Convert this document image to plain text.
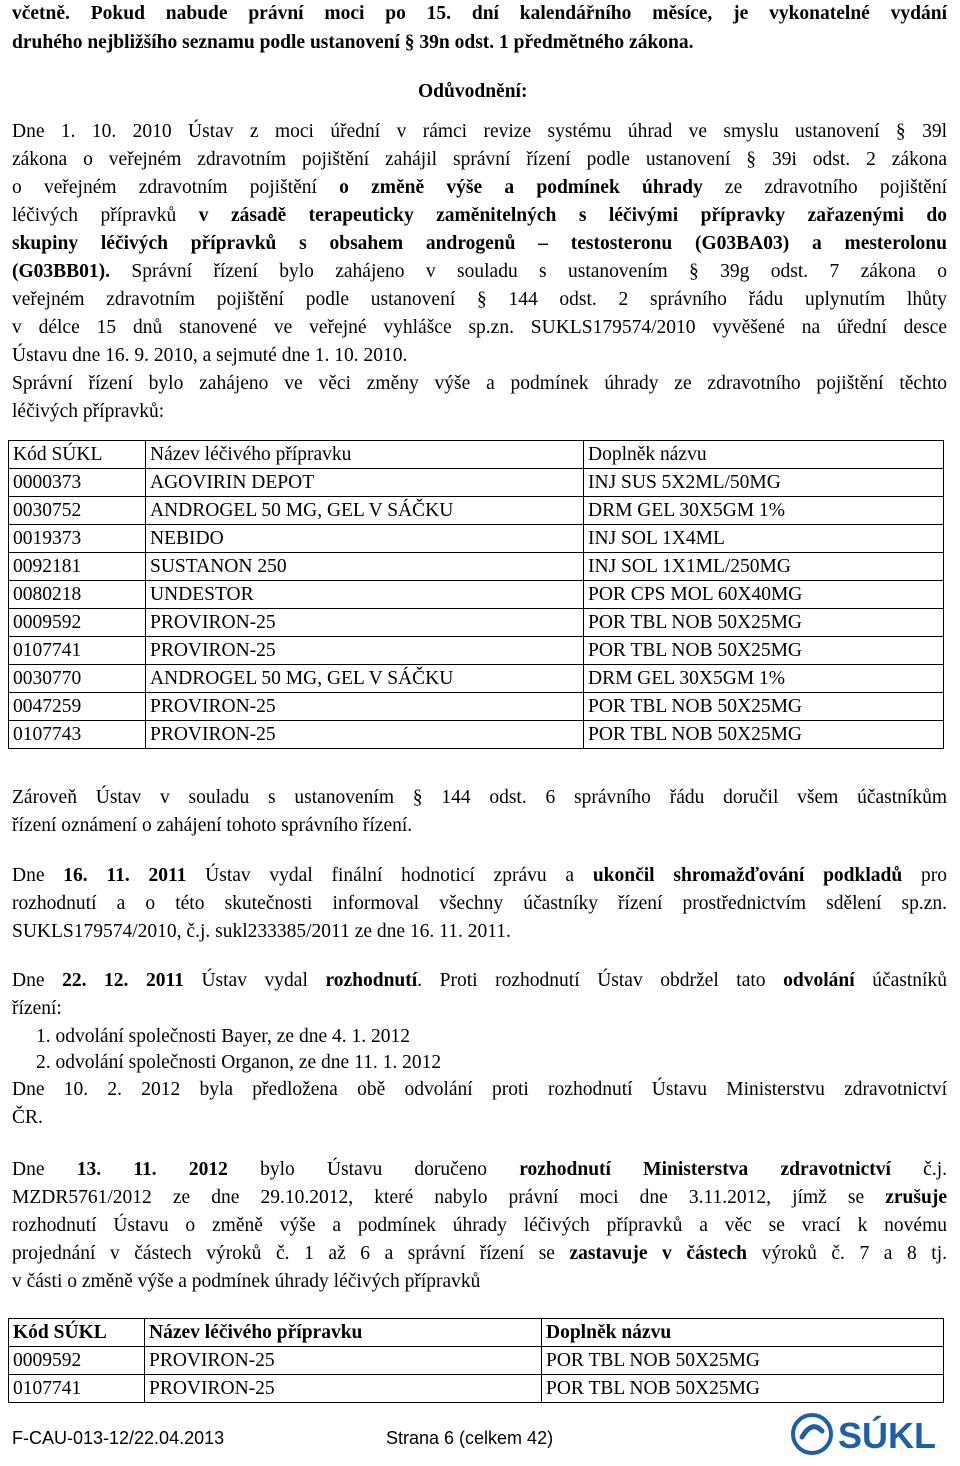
včetně. Pokud nabude právní moci po 15. dní kalendářního měsíce, je vykonatelné vydání
druhého nejbližšího seznamu podle ustanovení § 39n odst. 1 předmětného zákona.
Odůvodnění:
Dne 1. 10. 2010 Ústav z moci úřední v rámci revize systému úhrad ve smyslu ustanovení § 39l
zákona o veřejném zdravotním pojištění zahájil správní řízení podle ustanovení § 39i odst. 2 zákona
o veřejném zdravotním pojištění o změně výše a podmínek úhrady ze zdravotního pojištění
léčivých přípravků v zásadě terapeuticky zaměnitelných s léčivými přípravky zařazenými do
skupiny léčivých přípravků s obsahem androgenů – testosteronu (G03BA03) a mesterolonu
(G03BB01). Správní řízení bylo zahájeno v souladu s ustanovením § 39g odst. 7 zákona o
veřejném zdravotním pojištění podle ustanovení § 144 odst. 2 správního řádu uplynutím lhůty
v délce 15 dnů stanovené ve veřejné vyhlášce sp.zn. SUKLS179574/2010 vyvěšené na úřední desce
Ústavu dne 16. 9. 2010, a sejmuté dne 1. 10. 2010.
Správní řízení bylo zahájeno ve věci změny výše a podmínek úhrady ze zdravotního pojištění těchto
léčivých přípravků:
Kód SÚKL	Název léčivého přípravku	Doplněk názvu
0000373	AGOVIRIN DEPOT	INJ SUS 5X2ML/50MG
0030752	ANDROGEL 50 MG, GEL V SÁČKU	DRM GEL 30X5GM 1%
0019373	NEBIDO	INJ SOL 1X4ML
0092181	SUSTANON 250	INJ SOL 1X1ML/250MG
0080218	UNDESTOR	POR CPS MOL 60X40MG
0009592	PROVIRON-25	POR TBL NOB 50X25MG
0107741	PROVIRON-25	POR TBL NOB 50X25MG
0030770	ANDROGEL 50 MG, GEL V SÁČKU	DRM GEL 30X5GM 1%
0047259	PROVIRON-25	POR TBL NOB 50X25MG
0107743	PROVIRON-25	POR TBL NOB 50X25MG
Zároveň Ústav v souladu s ustanovením § 144 odst. 6 správního řádu doručil všem účastníkům
řízení oznámení o zahájení tohoto správního řízení.
Dne 16. 11. 2011 Ústav vydal finální hodnoticí zprávu a ukončil shromažďování podkladů pro
rozhodnutí a o této skutečnosti informoval všechny účastníky řízení prostřednictvím sdělení sp.zn.
SUKLS179574/2010, č.j. sukl233385/2011 ze dne 16. 11. 2011.
Dne 22. 12. 2011 Ústav vydal rozhodnutí. Proti rozhodnutí Ústav obdržel tato odvolání účastníků
řízení:
1. odvolání společnosti Bayer, ze dne 4. 1. 2012
2. odvolání společnosti Organon, ze dne 11. 1. 2012
Dne 10. 2. 2012 byla předložena obě odvolání proti rozhodnutí Ústavu Ministerstvu zdravotnictví
ČR.
Dne 13. 11. 2012 bylo Ústavu doručeno rozhodnutí Ministerstva zdravotnictví č.j.
MZDR5761/2012 ze dne 29.10.2012, které nabylo právní moci dne 3.11.2012, jímž se zrušuje
rozhodnutí Ústavu o změně výše a podmínek úhrady léčivých přípravků a věc se vrací k novému
projednání v částech výroků č. 1 až 6 a správní řízení se zastavuje v částech výroků č. 7 a 8 tj.
v části o změně výše a podmínek úhrady léčivých přípravků
Kód SÚKL	Název léčivého přípravku	Doplněk názvu
0009592	PROVIRON-25	POR TBL NOB 50X25MG
0107741	PROVIRON-25	POR TBL NOB 50X25MG
F-CAU-013-12/22.04.2013	Strana 6 (celkem 42)	SÚKL
